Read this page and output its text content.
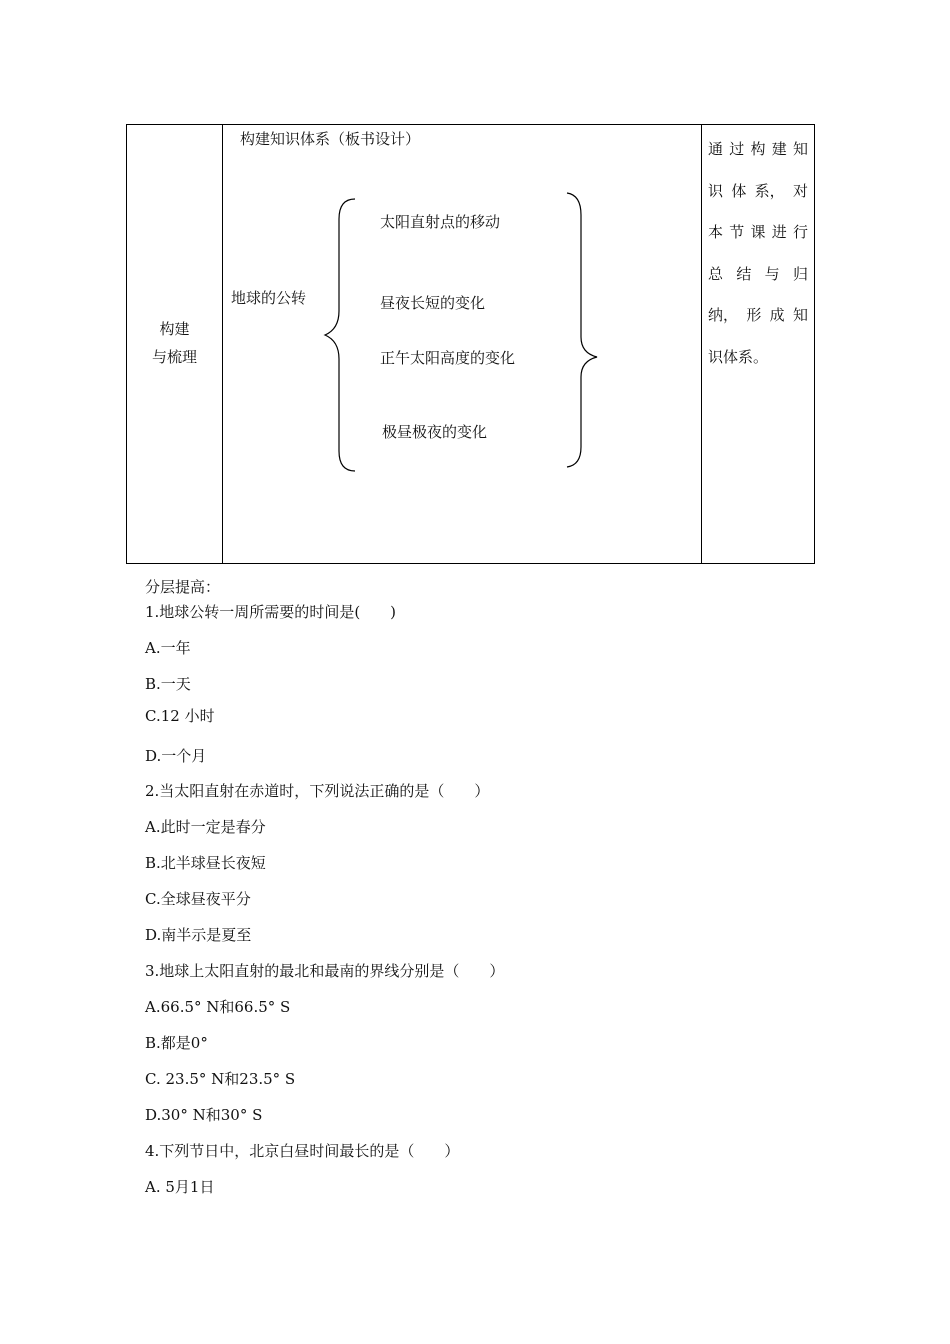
构建
与梳理
构建知识体系（板书设计）
地球的公转
太阳直射点的移动
昼夜长短的变化
正午太阳高度的变化
极昼极夜的变化
通 过 构 建 知
识 体 系， 对
本 节 课 进 行
总 结 与 归
纳， 形 成 知
识体系。
分层提高：
1.地球公转一周所需要的时间是(　　)
A.一年
B.一天
C.12 小时
D.一个月
2.当太阳直射在赤道时，下列说法正确的是（　　）
A.此时一定是春分
B.北半球昼长夜短
C.全球昼夜平分
D.南半示是夏至
3.地球上太阳直射的最北和最南的界线分别是（　　）
A.66.5° N和66.5° S
B.都是0°
C. 23.5° N和23.5° S
D.30° N和30° S
4.下列节日中，北京白昼时间最长的是（　　）
A. 5月1日
